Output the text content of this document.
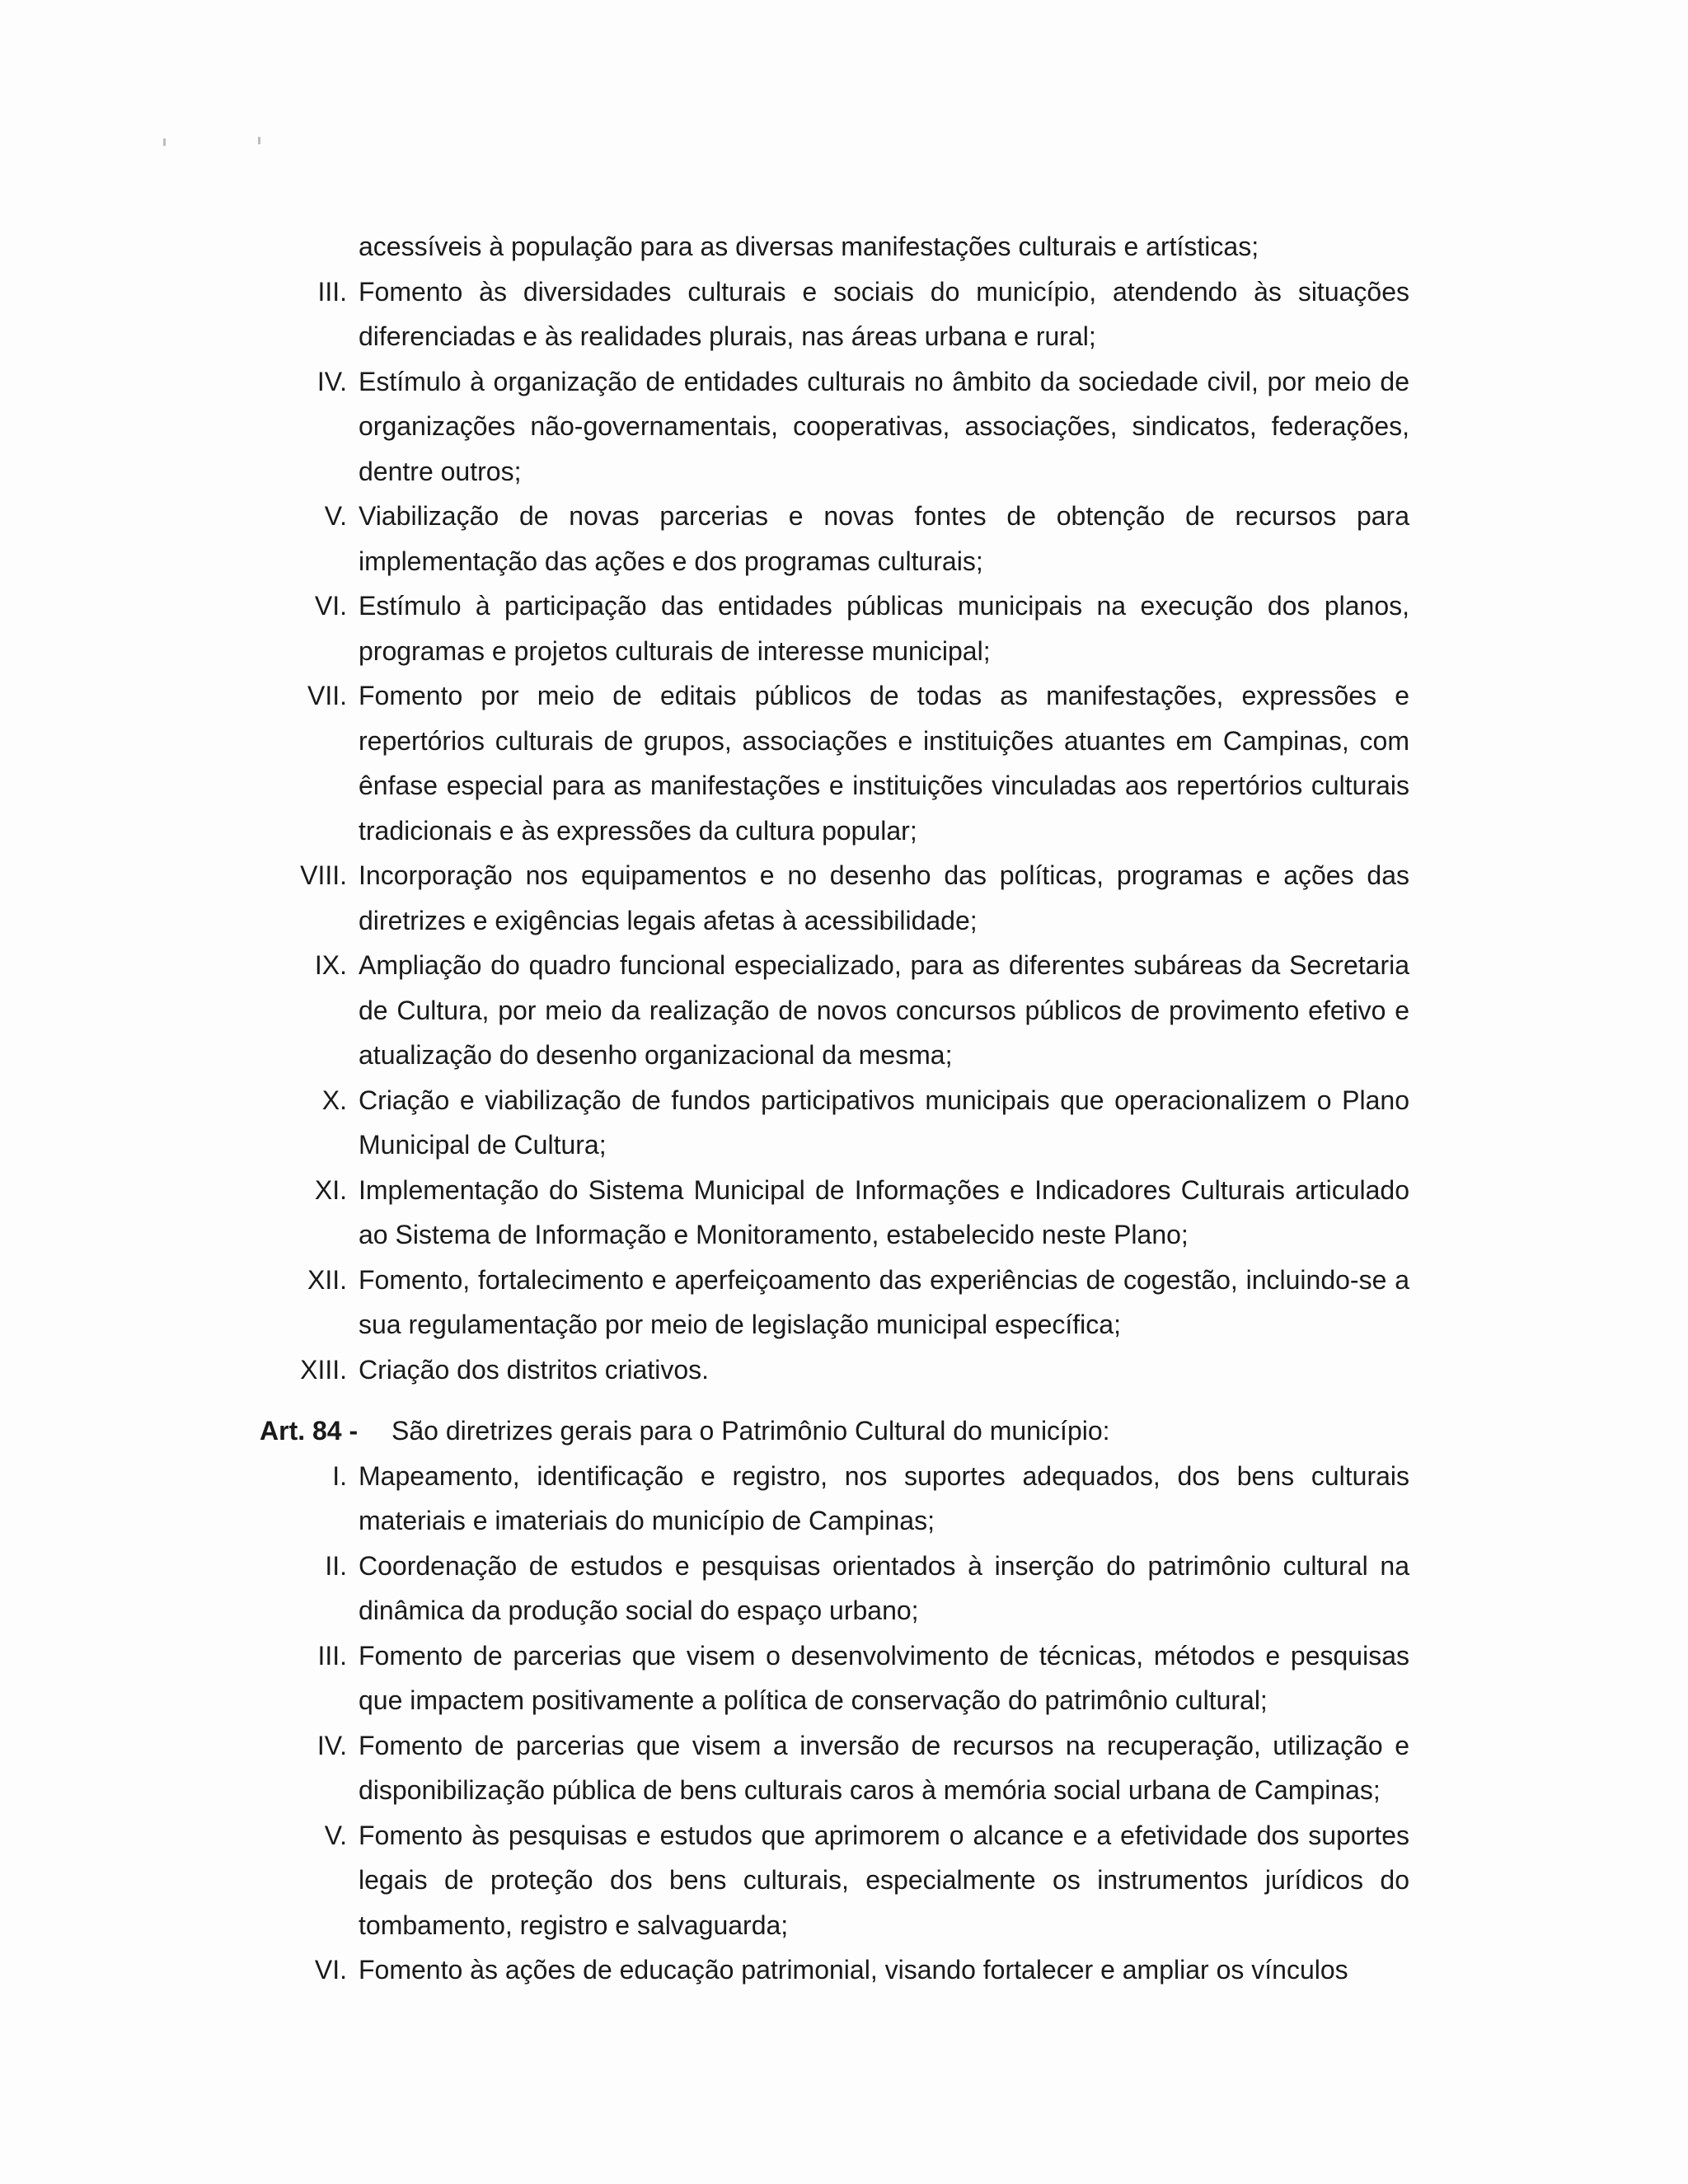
acessíveis à população para as diversas manifestações culturais e artísticas;
III. Fomento às diversidades culturais e sociais do município, atendendo às situações diferenciadas e às realidades plurais, nas áreas urbana e rural;
IV. Estímulo à organização de entidades culturais no âmbito da sociedade civil, por meio de organizações não-governamentais, cooperativas, associações, sindicatos, federações, dentre outros;
V. Viabilização de novas parcerias e novas fontes de obtenção de recursos para implementação das ações e dos programas culturais;
VI. Estímulo à participação das entidades públicas municipais na execução dos planos, programas e projetos culturais de interesse municipal;
VII. Fomento por meio de editais públicos de todas as manifestações, expressões e repertórios culturais de grupos, associações e instituições atuantes em Campinas, com ênfase especial para as manifestações e instituições vinculadas aos repertórios culturais tradicionais e às expressões da cultura popular;
VIII. Incorporação nos equipamentos e no desenho das políticas, programas e ações das diretrizes e exigências legais afetas à acessibilidade;
IX. Ampliação do quadro funcional especializado, para as diferentes subáreas da Secretaria de Cultura, por meio da realização de novos concursos públicos de provimento efetivo e atualização do desenho organizacional da mesma;
X. Criação e viabilização de fundos participativos municipais que operacionalizem o Plano Municipal de Cultura;
XI. Implementação do Sistema Municipal de Informações e Indicadores Culturais articulado ao Sistema de Informação e Monitoramento, estabelecido neste Plano;
XII. Fomento, fortalecimento e aperfeiçoamento das experiências de cogestão, incluindo-se a sua regulamentação por meio de legislação municipal específica;
XIII. Criação dos distritos criativos.
Art. 84 -	São diretrizes gerais para o Patrimônio Cultural do município:
I. Mapeamento, identificação e registro, nos suportes adequados, dos bens culturais materiais e imateriais do município de Campinas;
II. Coordenação de estudos e pesquisas orientados à inserção do patrimônio cultural na dinâmica da produção social do espaço urbano;
III. Fomento de parcerias que visem o desenvolvimento de técnicas, métodos e pesquisas que impactem positivamente a política de conservação do patrimônio cultural;
IV. Fomento de parcerias que visem a inversão de recursos na recuperação, utilização e disponibilização pública de bens culturais caros à memória social urbana de Campinas;
V. Fomento às pesquisas e estudos que aprimorem o alcance e a efetividade dos suportes legais de proteção dos bens culturais, especialmente os instrumentos jurídicos do tombamento, registro e salvaguarda;
VI. Fomento às ações de educação patrimonial, visando fortalecer e ampliar os vínculos
